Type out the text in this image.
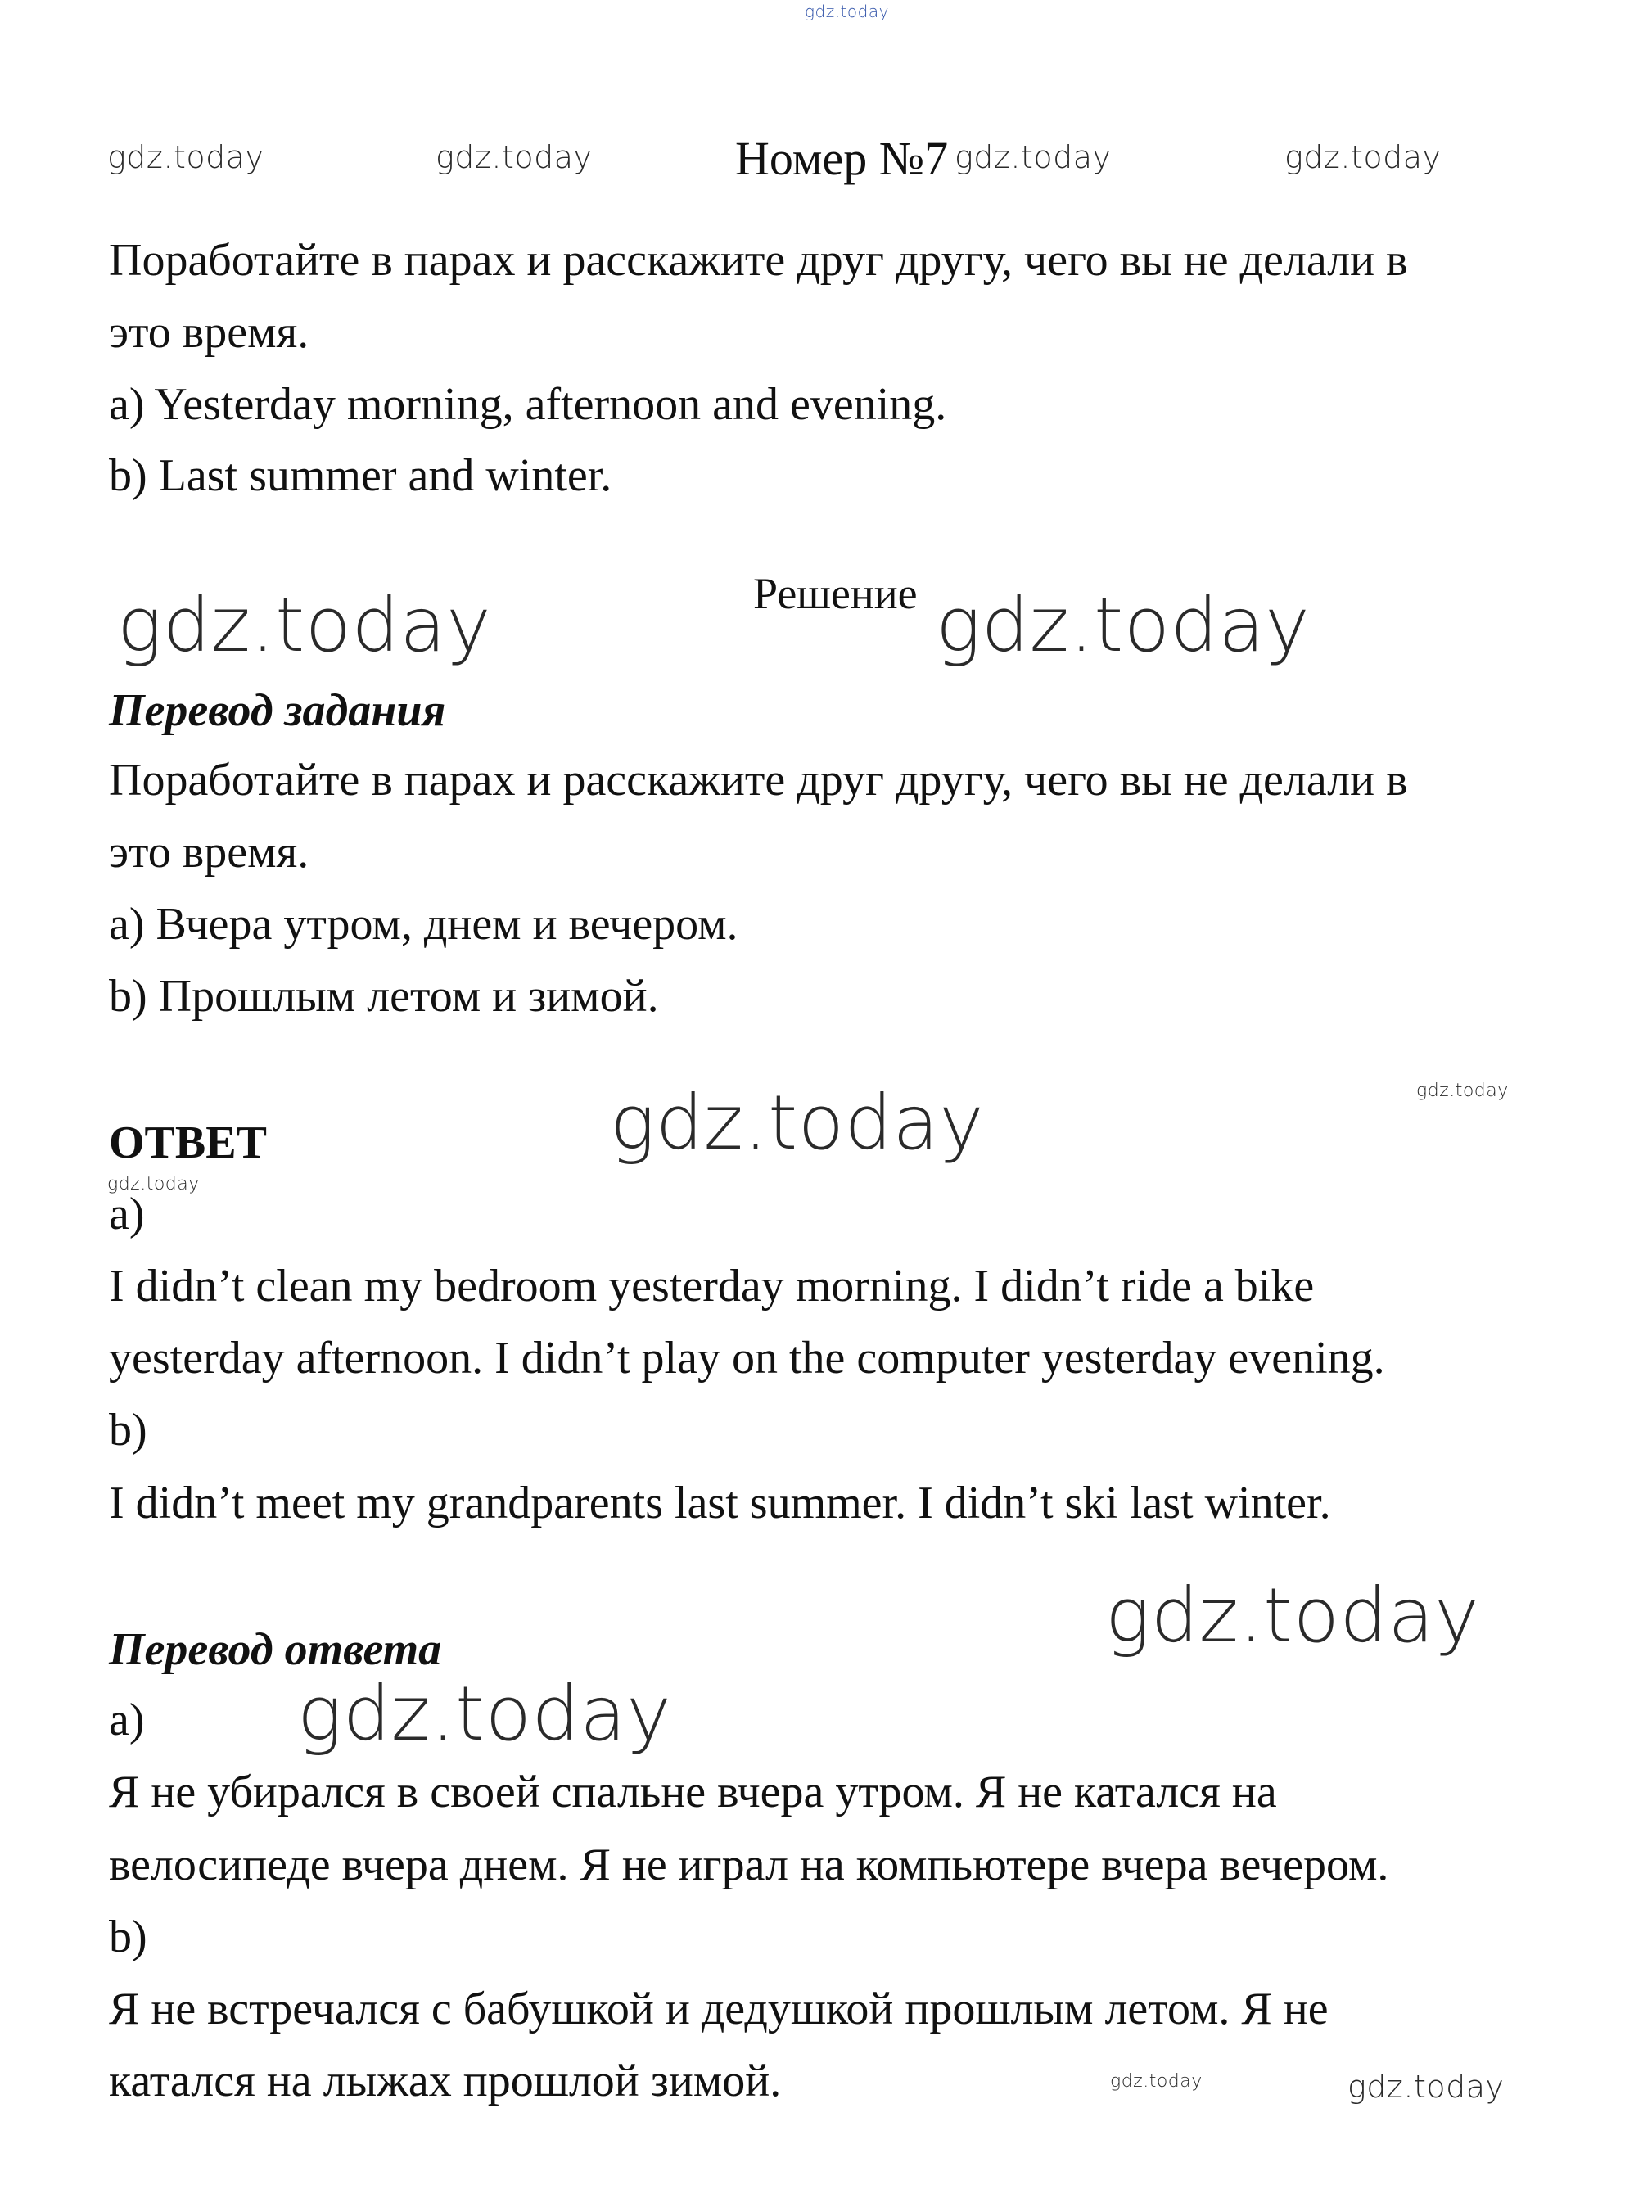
gdz.today
gdz.today	gdz.today	gdz.today	gdz.today
gdz.today	gdz.today
gdz.today	gdz.today
gdz.today
gdz.today
gdz.today
gdz.today	gdz.today
Номер №7
Поработайте в парах и расскажите друг другу, чего вы не делали в
это время.
a) Yesterday morning, afternoon and evening.
b) Last summer and winter.
Решение
Перевод задания
Поработайте в парах и расскажите друг другу, чего вы не делали в
это время.
a) Вчера утром, днем и вечером.
b) Прошлым летом и зимой.
ОТВЕТ
a)
I didn’t clean my bedroom yesterday morning. I didn’t ride a bike
yesterday afternoon. I didn’t play on the computer yesterday evening.
b)
I didn’t meet my grandparents last summer. I didn’t ski last winter.
Перевод ответа
a)
Я не убирался в своей спальне вчера утром. Я не катался на
велосипеде вчера днем. Я не играл на компьютере вчера вечером.
b)
Я не встречался с бабушкой и дедушкой прошлым летом. Я не
катался на лыжах прошлой зимой.
